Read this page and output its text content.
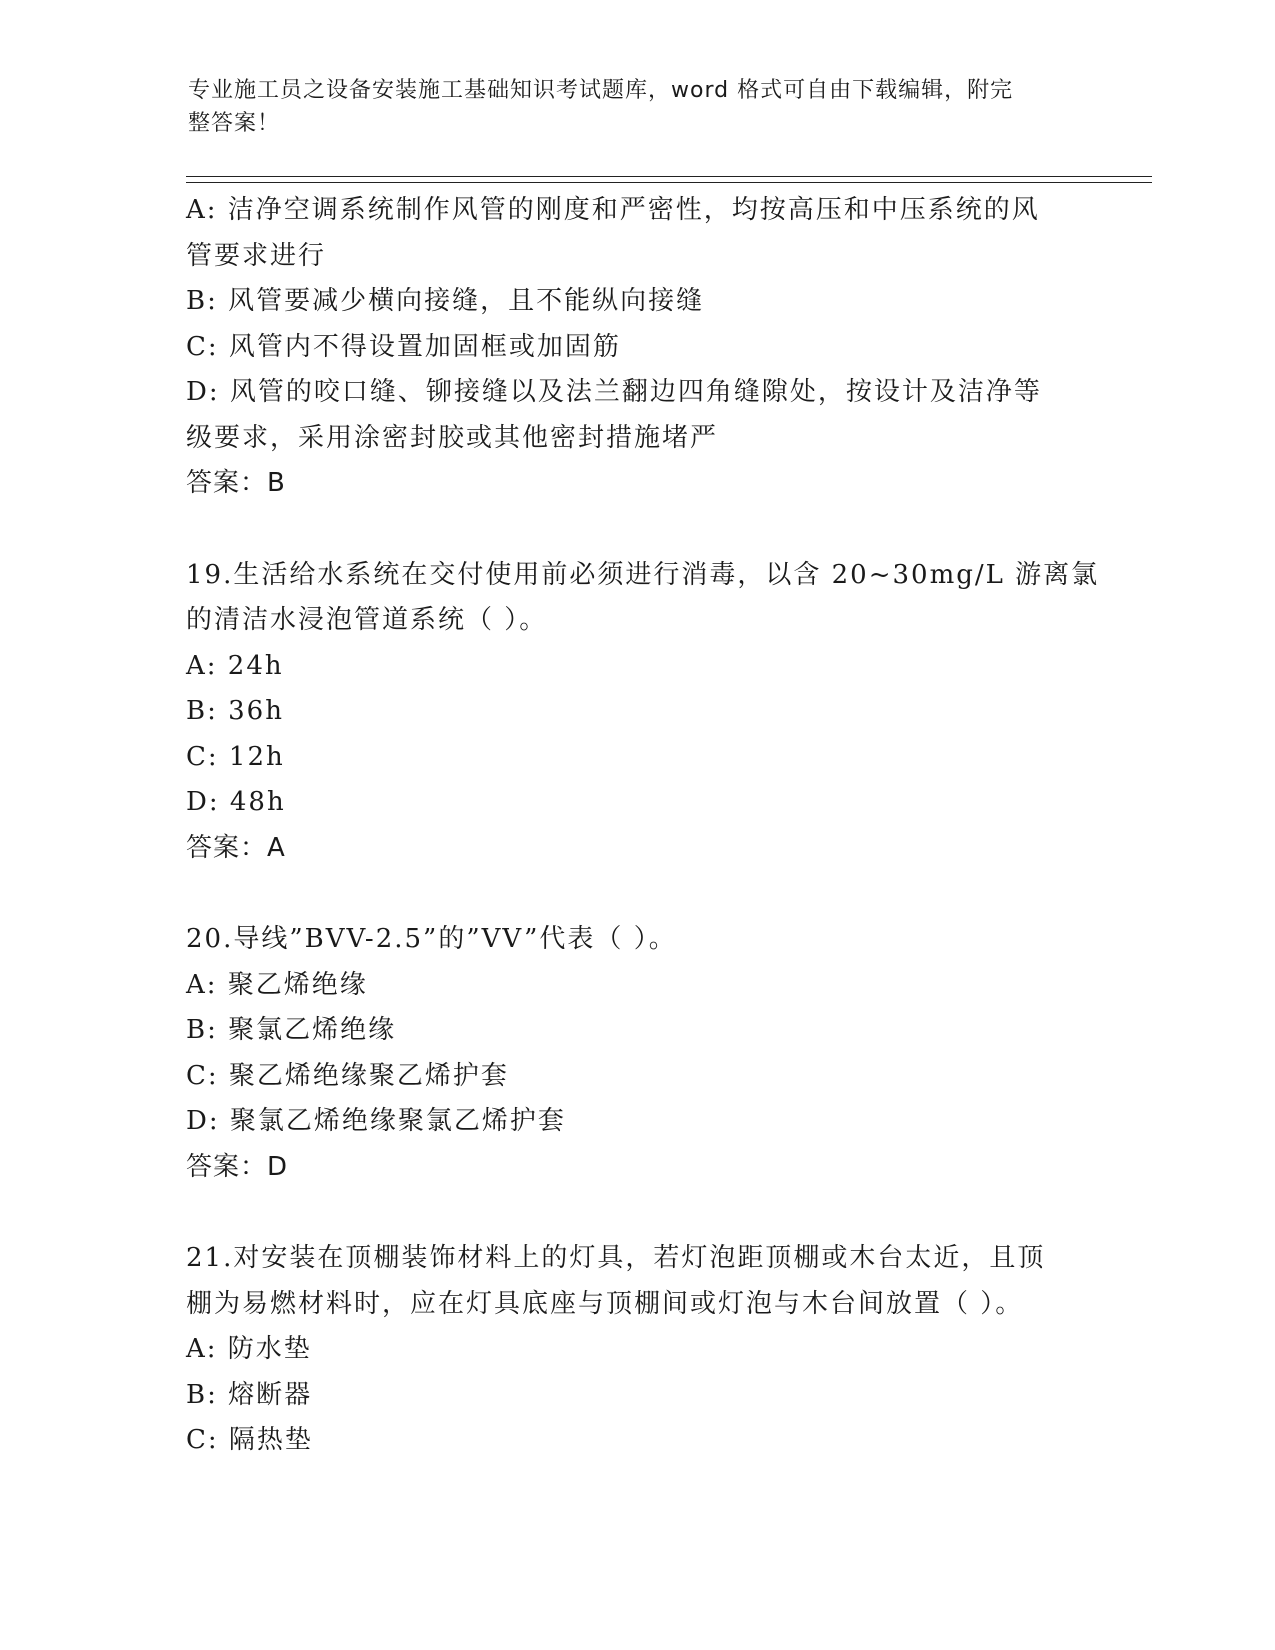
专业施工员之设备安装施工基础知识考试题库，word 格式可自由下载编辑，附完
整答案！
A: 洁净空调系统制作风管的刚度和严密性，均按高压和中压系统的风
管要求进行
B: 风管要减少横向接缝，且不能纵向接缝
C: 风管内不得设置加固框或加固筋
D: 风管的咬口缝、铆接缝以及法兰翻边四角缝隙处，按设计及洁净等
级要求，采用涂密封胶或其他密封措施堵严
答案：B
19.生活给水系统在交付使用前必须进行消毒，以含 20~30mg/L 游离氯
的清洁水浸泡管道系统（ ）。
A: 24h
B: 36h
C: 12h
D: 48h
答案：A
20.导线”BVV-2.5”的”VV”代表（ ）。
A: 聚乙烯绝缘
B: 聚氯乙烯绝缘
C: 聚乙烯绝缘聚乙烯护套
D: 聚氯乙烯绝缘聚氯乙烯护套
答案：D
21.对安装在顶棚装饰材料上的灯具，若灯泡距顶棚或木台太近，且顶
棚为易燃材料时，应在灯具底座与顶棚间或灯泡与木台间放置（ ）。
A: 防水垫
B: 熔断器
C: 隔热垫
